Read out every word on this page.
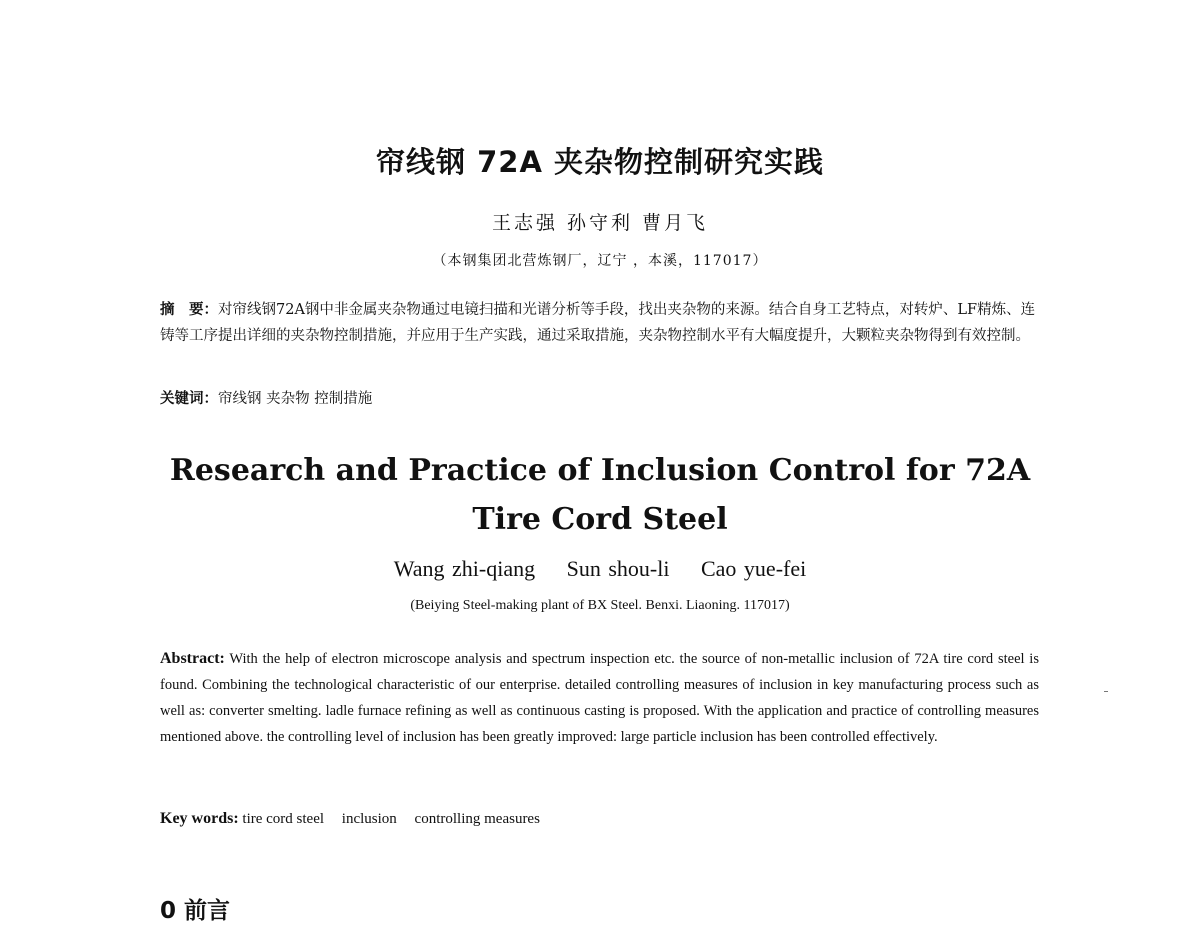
帘线钢 72A 夹杂物控制研究实践
王志强 孙守利 曹月飞
（本钢集团北营炼钢厂，辽宁 ，本溪，117017）
摘　要：对帘线钢72A钢中非金属夹杂物通过电镜扫描和光谱分析等手段，找出夹杂物的来源。结合自身工艺特点，对转炉、LF精炼、连铸等工序提出详细的夹杂物控制措施，并应用于生产实践，通过采取措施，夹杂物控制水平有大幅度提升，大颗粒夹杂物得到有效控制。
关键词：帘线钢 夹杂物 控制措施
Research and Practice of Inclusion Control for 72A
Tire Cord Steel
Wang zhi-qiang Sun shou-li Cao yue-fei
(Beiying Steel-making plant of BX Steel. Benxi. Liaoning. 117017)
Abstract: With the help of electron microscope analysis and spectrum inspection etc. the source of non-metallic inclusion of 72A tire cord steel is found. Combining the technological characteristic of our enterprise. detailed controlling measures of inclusion in key manufacturing process such as well as: converter smelting. ladle furnace refining as well as continuous casting is proposed. With the application and practice of controlling measures mentioned above. the controlling level of inclusion has been greatly improved: large particle inclusion has been controlled effectively.
Key words: tire cord steel inclusion controlling measures
0 前言
